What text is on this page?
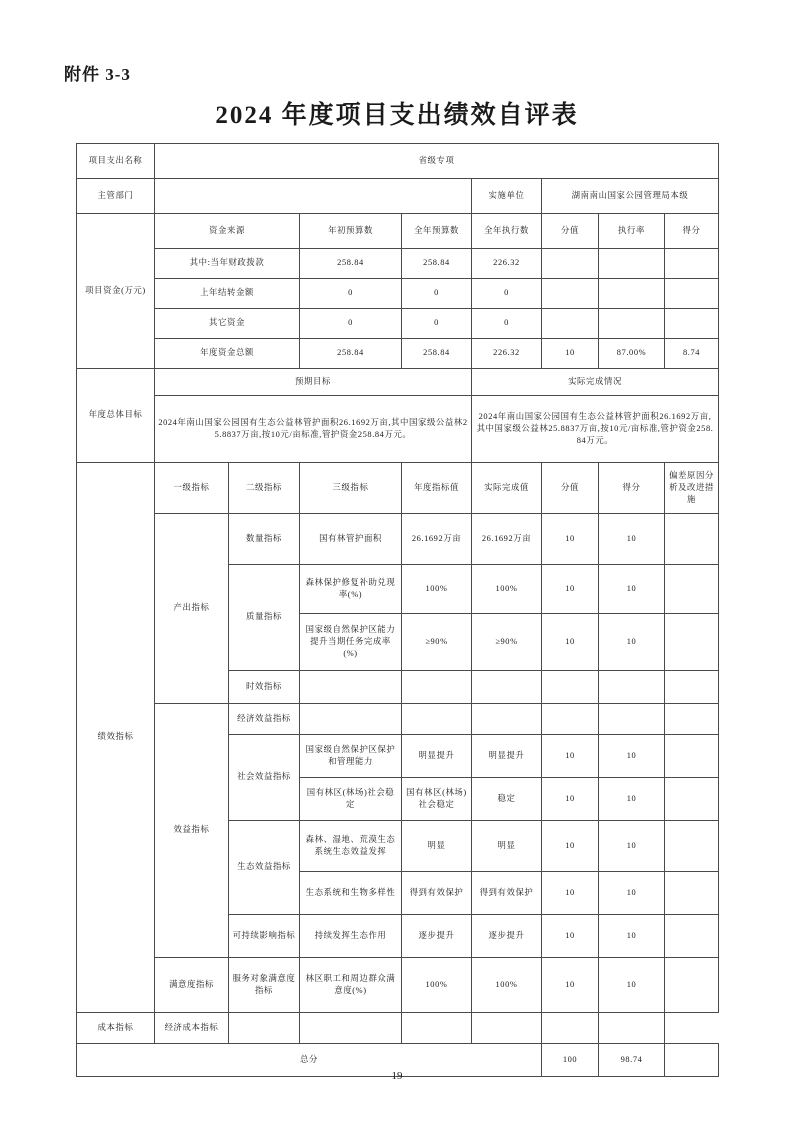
附件 3-3
2024 年度项目支出绩效自评表
项目支出名称	省级专项							
主管部门					实施单位	湖南南山国家公园管理局本级		
项目资金(万元)	资金来源		年初预算数	全年预算数	全年执行数	分值	执行率	得分
	其中:当年财政拨款		258.84	258.84	226.32			
	上年结转金额		0	0	0			
	其它资金		0	0	0			
	年度资金总额		258.84	258.84	226.32	10	87.00%	8.74
年度总体目标	预期目标				实际完成情况			
	2024年南山国家公园国有生态公益林管护面积26.1692万亩,其中国家级公益林25.8837万亩,按10元/亩标准,管护资金258.84万元。				2024年南山国家公园国有生态公益林管护面积26.1692万亩,其中国家级公益林25.8837万亩,按10元/亩标准,管护资金258.84万元。			
绩效指标	一级指标	二级指标	三级指标	年度指标值	实际完成值	分值	得分	偏差原因分析及改进措施
	产出指标	数量指标	国有林管护面积	26.1692万亩	26.1692万亩	10	10	
		质量指标	森林保护修复补助兑现率(%)	100%	100%	10	10	
			国家级自然保护区能力提升当期任务完成率(%)	≥90%	≥90%	10	10	
		时效指标						
	效益指标	经济效益指标						
		社会效益指标	国家级自然保护区保护和管理能力	明显提升	明显提升	10	10	
			国有林区(林场)社会稳定	国有林区(林场)社会稳定	稳定	10	10	
		生态效益指标	森林、湿地、荒漠生态系统生态效益发挥	明显	明显	10	10	
			生态系统和生物多样性	得到有效保护	得到有效保护	10	10	
		可持续影响指标	持续发挥生态作用	逐步提升	逐步提升	10	10	
	满意度指标	服务对象满意度指标	林区职工和周边群众满意度(%)	100%	100%	10	10	
成本指标	经济成本指标							
总分						100	98.74	
19
